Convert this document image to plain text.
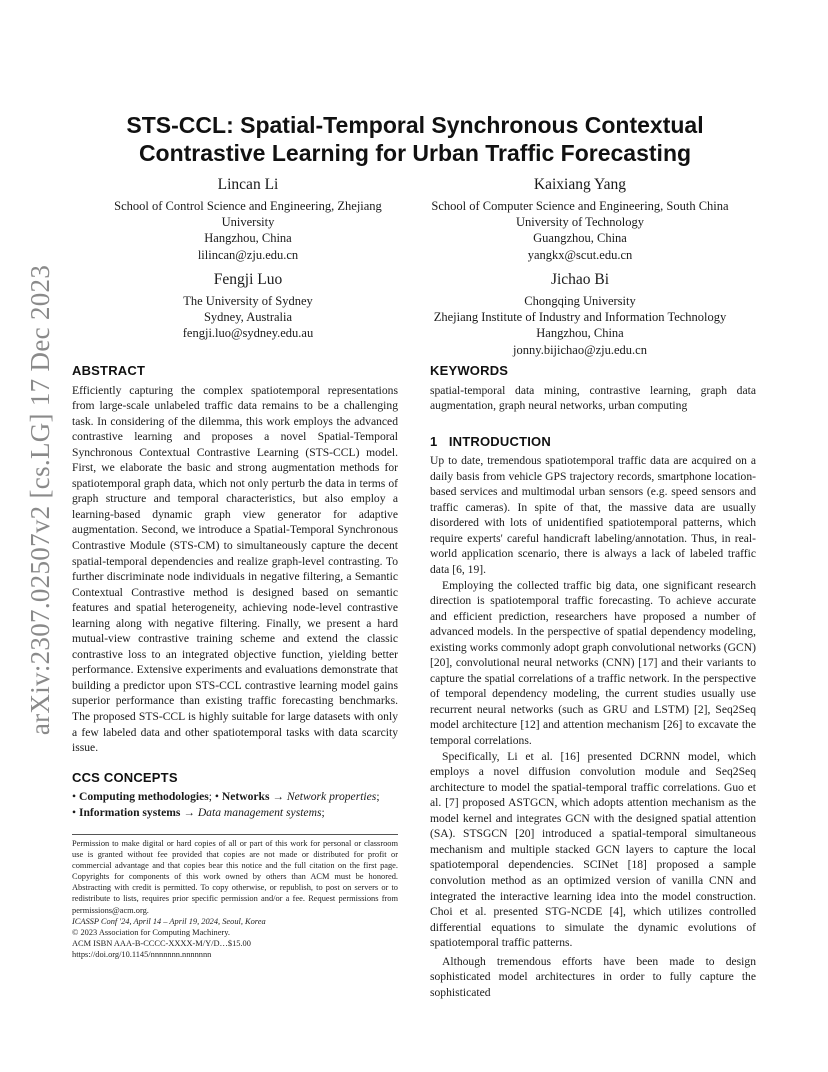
arXiv:2307.02507v2 [cs.LG] 17 Dec 2023
STS-CCL: Spatial-Temporal Synchronous Contextual Contrastive Learning for Urban Traffic Forecasting
Lincan Li
School of Control Science and Engineering, Zhejiang
University
Hangzhou, China
lilincan@zju.edu.cn
Kaixiang Yang
School of Computer Science and Engineering, South China
University of Technology
Guangzhou, China
yangkx@scut.edu.cn
Fengji Luo
The University of Sydney
Sydney, Australia
fengji.luo@sydney.edu.au
Jichao Bi
Chongqing University
Zhejiang Institute of Industry and Information Technology
Hangzhou, China
jonny.bijichao@zju.edu.cn
ABSTRACT

Efficiently capturing the complex spatiotemporal representations from large-scale unlabeled traffic data remains to be a challenging task. In considering of the dilemma, this work employs the advanced contrastive learning and proposes a novel Spatial-Temporal Synchronous Contextual Contrastive Learning (STS-CCL) model. First, we elaborate the basic and strong augmentation methods for spatiotemporal graph data, which not only perturb the data in terms of graph structure and temporal characteristics, but also employ a learning-based dynamic graph view generator for adaptive augmentation. Second, we introduce a Spatial-Temporal Synchronous Contrastive Module (STS-CM) to simultaneously capture the decent spatial-temporal dependencies and realize graph-level contrasting. To further discriminate node individuals in negative filtering, a Semantic Contextual Contrastive method is designed based on semantic features and spatial heterogeneity, achieving node-level contrastive learning along with negative filtering. Finally, we present a hard mutual-view contrastive training scheme and extend the classic contrastive loss to an integrated objective function, yielding better performance. Extensive experiments and evaluations demonstrate that building a predictor upon STS-CCL contrastive learning model gains superior performance than existing traffic forecasting benchmarks. The proposed STS-CCL is highly suitable for large datasets with only a few labeled data and other spatiotemporal tasks with data scarcity issue.

CCS CONCEPTS

• Computing methodologies; • Networks → Network properties;

• Information systems → Data management systems;

Permission to make digital or hard copies of all or part of this work for personal or classroom use is granted without fee provided that copies are not made or distributed for profit or commercial advantage and that copies bear this notice and the full citation on the first page. Copyrights for components of this work owned by others than ACM must be honored. Abstracting with credit is permitted. To copy otherwise, or republish, to post on servers or to redistribute to lists, requires prior specific permission and/or a fee. Request permissions from permissions@acm.org.

ICASSP Conf '24, April 14 – April 19, 2024, Seoul, Korea

© 2023 Association for Computing Machinery.

ACM ISBN AAA-B-CCCC-XXXX-M/Y/D…$15.00

https://doi.org/10.1145/nnnnnnn.nnnnnnn

KEYWORDS

spatial-temporal data mining, contrastive learning, graph data augmentation, graph neural networks, urban computing

1   INTRODUCTION

Up to date, tremendous spatiotemporal traffic data are acquired on a daily basis from vehicle GPS trajectory records, smartphone location-based services and multimodal urban sensors (e.g. speed sensors and traffic cameras). In spite of that, the massive data are usually disordered with lots of unidentified spatiotemporal patterns, which require experts' careful handicraft labeling/annotation. Thus, in real-world application scenario, there is always a lack of labeled traffic data [6, 19].

Employing the collected traffic big data, one significant research direction is spatiotemporal traffic forecasting. To achieve accurate and efficient prediction, researchers have proposed a number of advanced models. In the perspective of spatial dependency modeling, existing works commonly adopt graph convolutional networks (GCN) [20], convolutional neural networks (CNN) [17] and their variants to capture the spatial correlations of a traffic network. In the perspective of temporal dependency modeling, the current studies usually use recurrent neural networks (such as GRU and LSTM) [2], Seq2Seq model architecture [12] and attention mechanism [26] to excavate the temporal correlations.

Specifically, Li et al. [16] presented DCRNN model, which employs a novel diffusion convolution module and Seq2Seq architecture to model the spatial-temporal traffic correlations. Guo et al. [7] proposed ASTGCN, which adopts attention mechanism as the model kernel and integrates GCN with the designed spatial attention (SA). STSGCN [20] introduced a spatial-temporal simultaneous mechanism and multiple stacked GCN layers to capture the local spatiotemporal dependencies. SCINet [18] proposed a sample convolution method as an optimized version of vanilla CNN and integrated the interactive learning idea into the model construction. Choi et al. presented STG-NCDE [4], which utilizes controlled differential equations to simulate the dynamic evolutions of spatiotemporal traffic patterns.

Although tremendous efforts have been made to design sophisticated model architectures in order to fully capture the sophisticated
